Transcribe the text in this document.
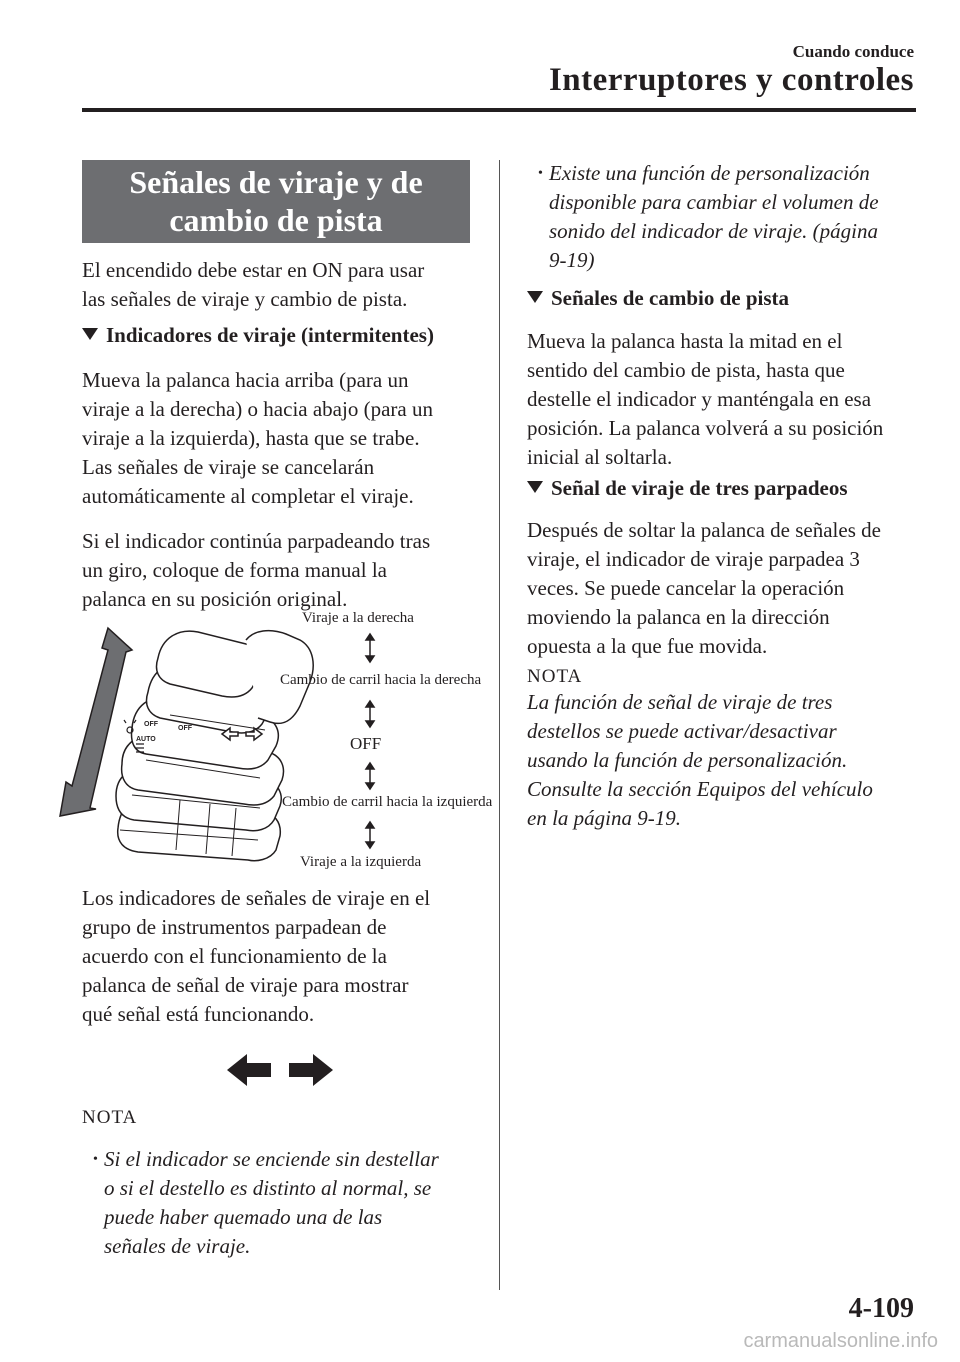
Cuando conduce
Interruptores y controles
Señales de viraje y de
cambio de pista
El encendido debe estar en ON para usar
las señales de viraje y cambio de pista.
Indicadores de viraje (intermitentes)
Mueva la palanca hacia arriba (para un
viraje a la derecha) o hacia abajo (para un
viraje a la izquierda), hasta que se trabe.
Las señales de viraje se cancelarán
automáticamente al completar el viraje.
Si el indicador continúa parpadeando tras
un giro, coloque de forma manual la
palanca en su posición original.
OFF
AUTO
OFF
Viraje a la derecha
Cambio de carril hacia la derecha
OFF
Cambio de carril hacia la izquierda
Viraje a la izquierda
Los indicadores de señales de viraje en el
grupo de instrumentos parpadean de
acuerdo con el funcionamiento de la
palanca de señal de viraje para mostrar
qué señal está funcionando.
NOTA
• Si el indicador se enciende sin destellar
o si el destello es distinto al normal, se
puede haber quemado una de las
señales de viraje.
• Existe una función de personalización
disponible para cambiar el volumen de
sonido del indicador de viraje. (página
9-19)
Señales de cambio de pista
Mueva la palanca hasta la mitad en el
sentido del cambio de pista, hasta que
destelle el indicador y manténgala en esa
posición. La palanca volverá a su posición
inicial al soltarla.
Señal de viraje de tres parpadeos
Después de soltar la palanca de señales de
viraje, el indicador de viraje parpadea 3
veces. Se puede cancelar la operación
moviendo la palanca en la dirección
opuesta a la que fue movida.
NOTA
La función de señal de viraje de tres
destellos se puede activar/desactivar
usando la función de personalización.
Consulte la sección Equipos del vehículo
en la página 9-19.
4-109
carmanualsonline.info
